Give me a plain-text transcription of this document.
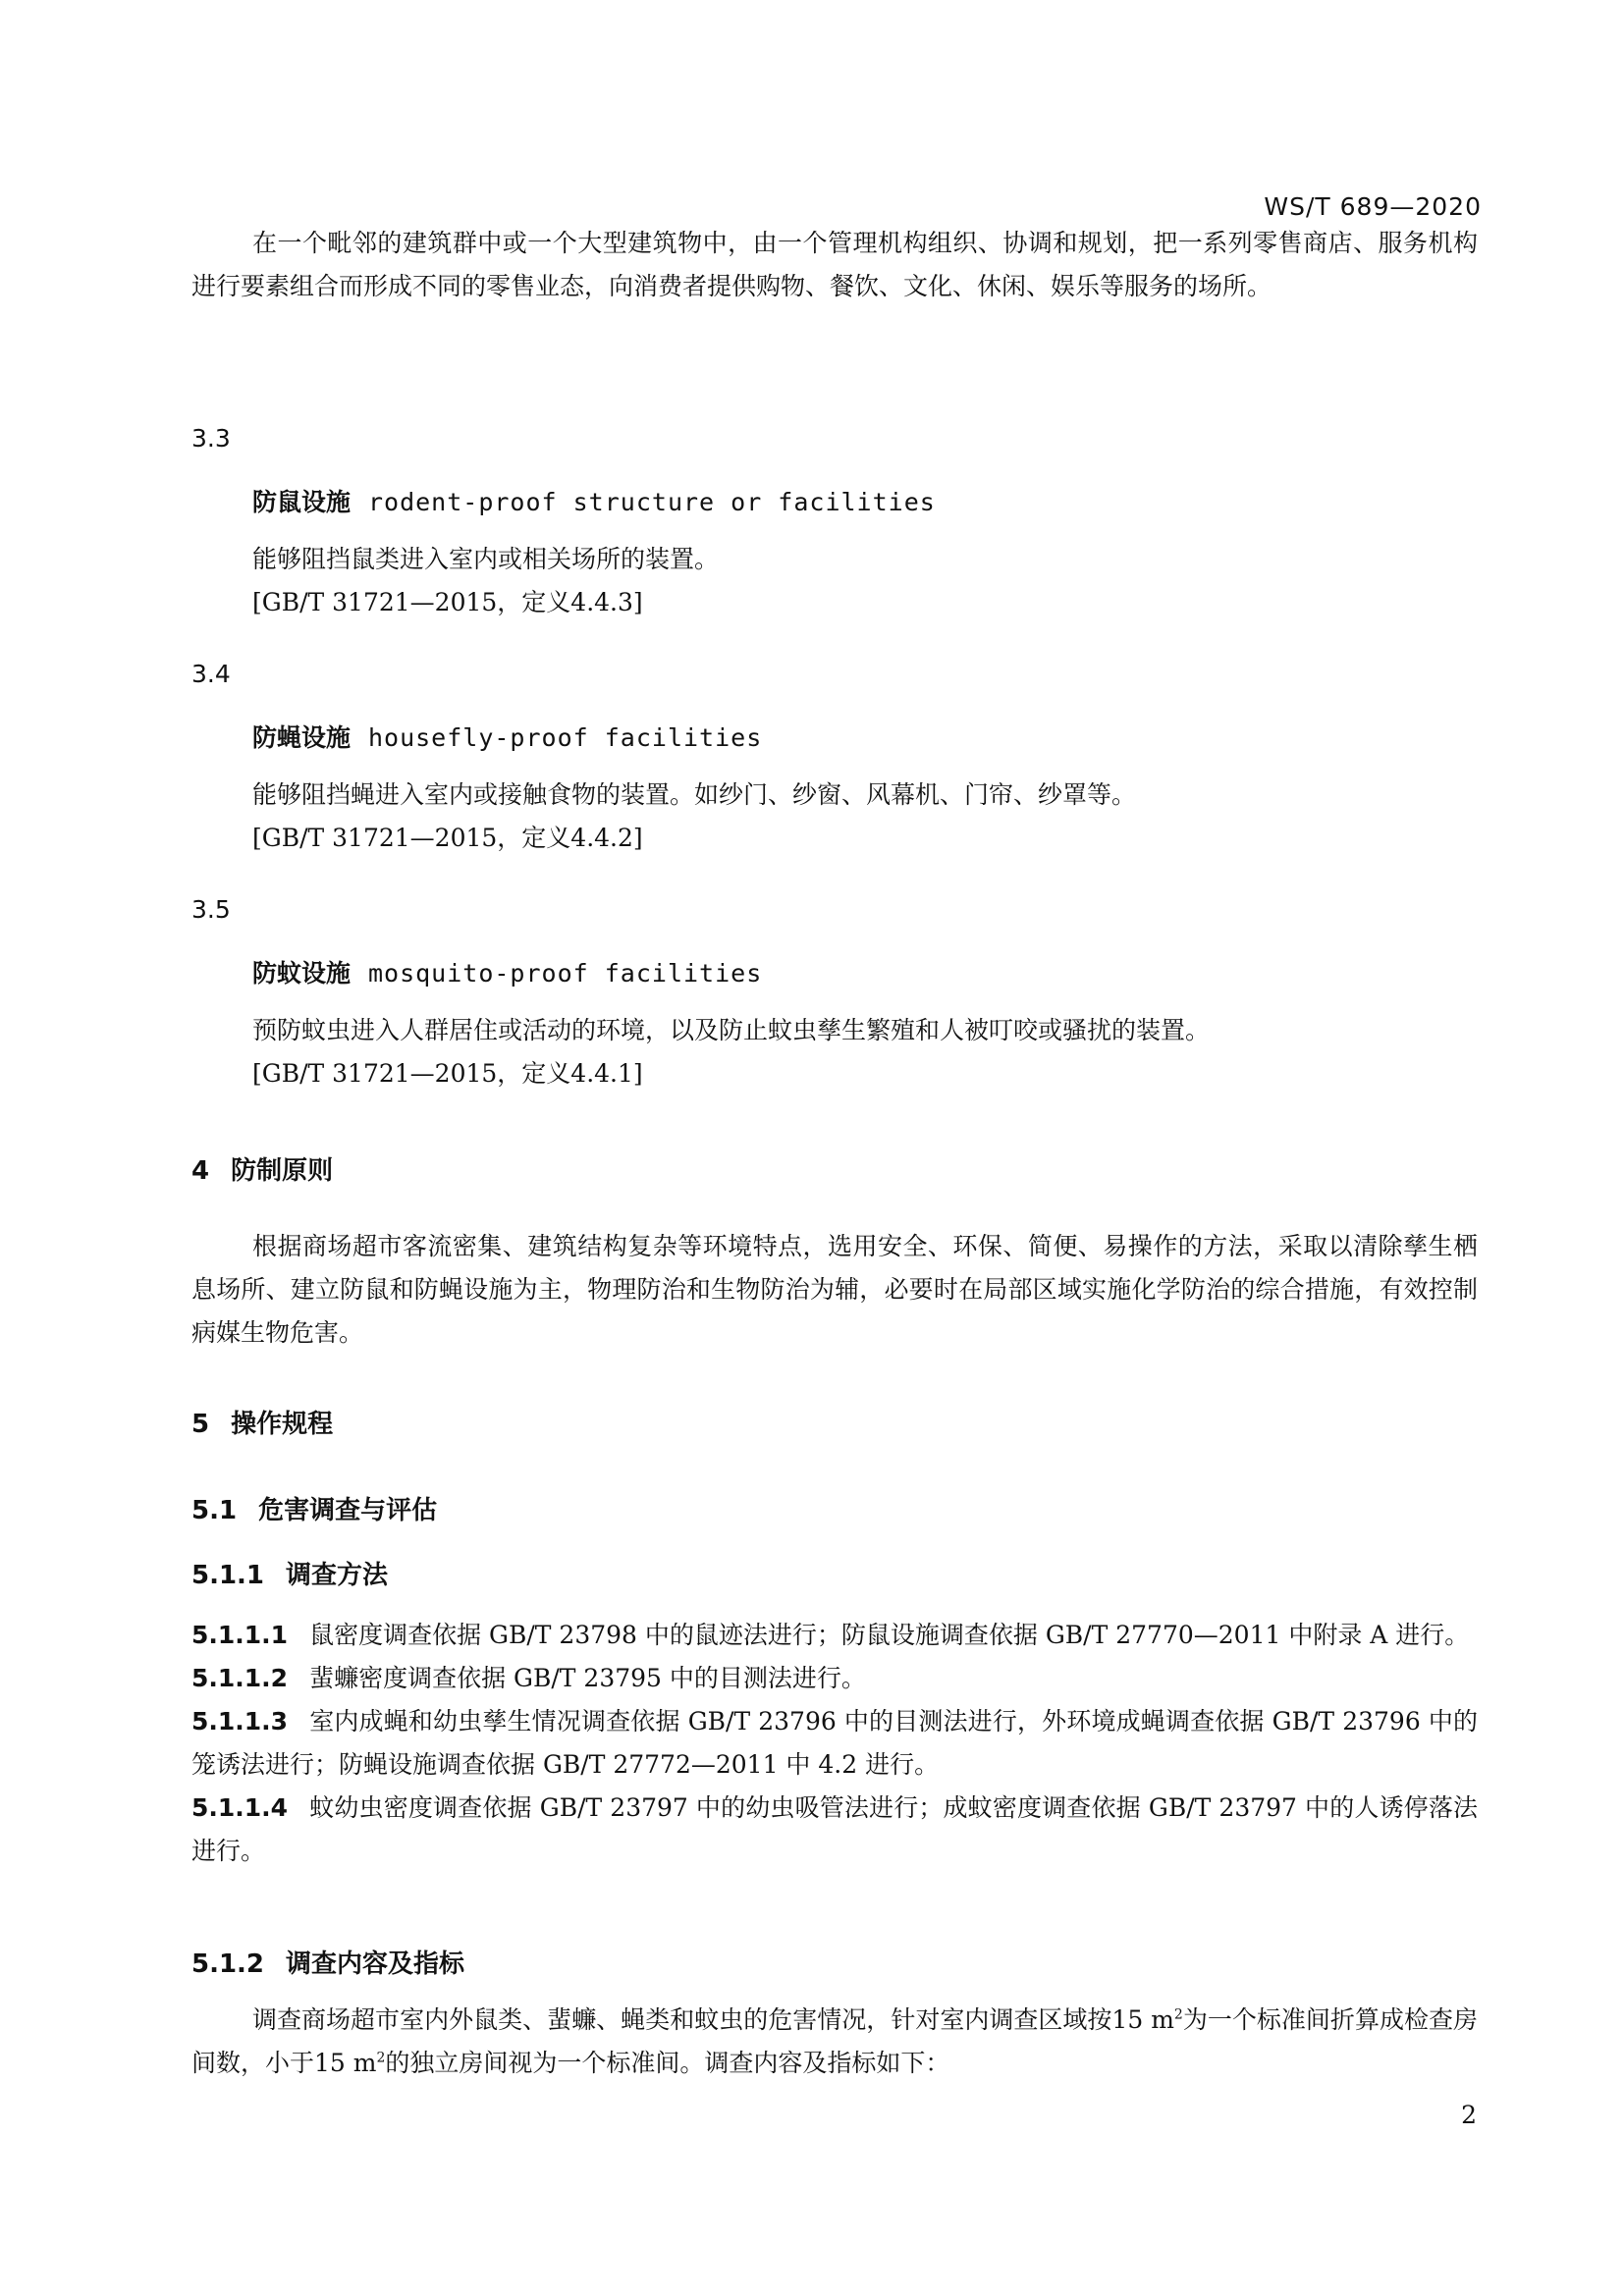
WS/T 689—2020

在一个毗邻的建筑群中或一个大型建筑物中，由一个管理机构组织、协调和规划，把一系列零售商店、服务机构进行要素组合而形成不同的零售业态，向消费者提供购物、餐饮、文化、休闲、娱乐等服务的场所。

3.3
防鼠设施 rodent-proof structure or facilities

能够阻挡鼠类进入室内或相关场所的装置。

[GB/T 31721—2015，定义4.4.3]

3.4
防蝇设施 housefly-proof facilities

能够阻挡蝇进入室内或接触食物的装置。如纱门、纱窗、风幕机、门帘、纱罩等。

[GB/T 31721—2015，定义4.4.2]

3.5
防蚊设施 mosquito-proof facilities

预防蚊虫进入人群居住或活动的环境，以及防止蚊虫孳生繁殖和人被叮咬或骚扰的装置。

[GB/T 31721—2015，定义4.4.1]

4 防制原则

根据商场超市客流密集、建筑结构复杂等环境特点，选用安全、环保、简便、易操作的方法，采取以清除孳生栖息场所、建立防鼠和防蝇设施为主，物理防治和生物防治为辅，必要时在局部区域实施化学防治的综合措施，有效控制病媒生物危害。

5 操作规程
5.1 危害调查与评估
5.1.1 调查方法

5.1.1.1 鼠密度调查依据 GB/T 23798 中的鼠迹法进行；防鼠设施调查依据 GB/T 27770—2011 中附录 A 进行。

5.1.1.2 蜚蠊密度调查依据 GB/T 23795 中的目测法进行。

5.1.1.3 室内成蝇和幼虫孳生情况调查依据 GB/T 23796 中的目测法进行，外环境成蝇调查依据 GB/T 23796 中的笼诱法进行；防蝇设施调查依据 GB/T 27772—2011 中 4.2 进行。

5.1.1.4 蚊幼虫密度调查依据 GB/T 23797 中的幼虫吸管法进行；成蚊密度调查依据 GB/T 23797 中的人诱停落法进行。

5.1.2 调查内容及指标

调查商场超市室内外鼠类、蜚蠊、蝇类和蚊虫的危害情况，针对室内调查区域按15 $m^2$为一个标准间折算成检查房间数，小于15 $m^2$的独立房间视为一个标准间。调查内容及指标如下：

2
